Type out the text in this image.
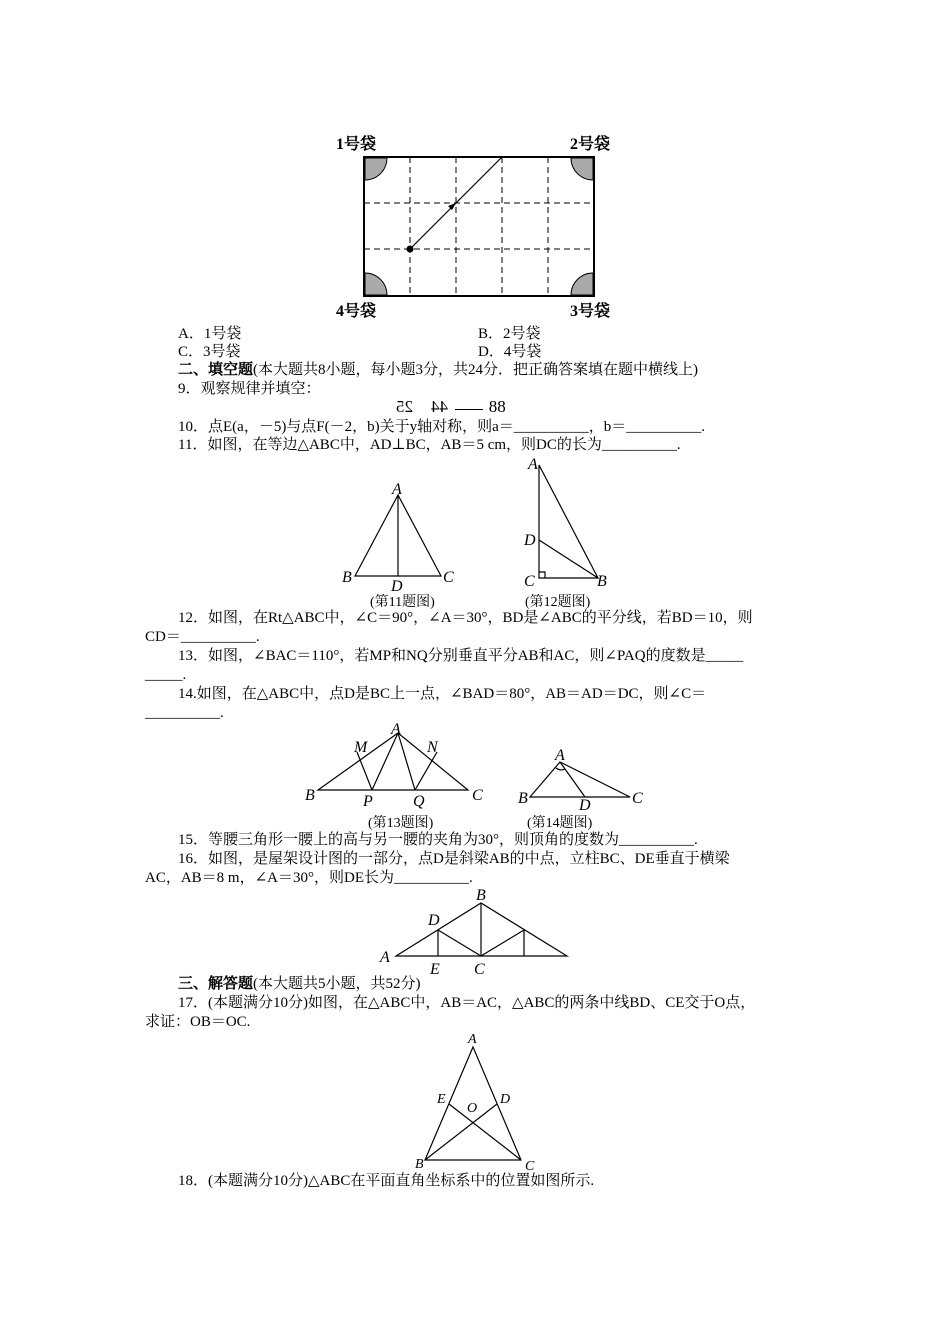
1号袋	2号袋
4号袋	3号袋
A．1号袋	B．2号袋
C．3号袋	D．4号袋
二、填空题(本大题共8小题，每小题3分，共24分．把正确答案填在题中横线上)
9．观察规律并填空：
25 44 88
10．点E(a，－5)与点F(－2，b)关于y轴对称，则a＝__________，b＝__________.
11．如图，在等边△ABC中，AD⊥BC，AB＝5 cm，则DC的长为__________.
A
B
D
C
A
D
C	B
(第11题图)	(第12题图)
12．如图，在Rt△ABC中，∠C＝90°，∠A＝30°，BD是∠ABC的平分线，若BD＝10，则
CD＝__________.
13．如图，∠BAC＝110°，若MP和NQ分别垂直平分AB和AC，则∠PAQ的度数是_____
_____.
14.如图，在△ABC中，点D是BC上一点，∠BAD＝80°，AB＝AD＝DC，则∠C＝
__________.
A
M	N
B	P	Q	C
A
B	D	C
(第13题图)	(第14题图)
15．等腰三角形一腰上的高与另一腰的夹角为30°，则顶角的度数为__________.
16．如图，是屋架设计图的一部分，点D是斜梁AB的中点，立柱BC、DE垂直于横梁
AC，AB＝8 m，∠A＝30°，则DE长为__________.
B
D
A
E C
三、解答题(本大题共5小题，共52分)
17．(本题满分10分)如图，在△ABC中，AB＝AC，△ABC的两条中线BD、CE交于O点，
求证：OB＝OC.
A
E
O
D
B	C
18．(本题满分10分)△ABC在平面直角坐标系中的位置如图所示.
